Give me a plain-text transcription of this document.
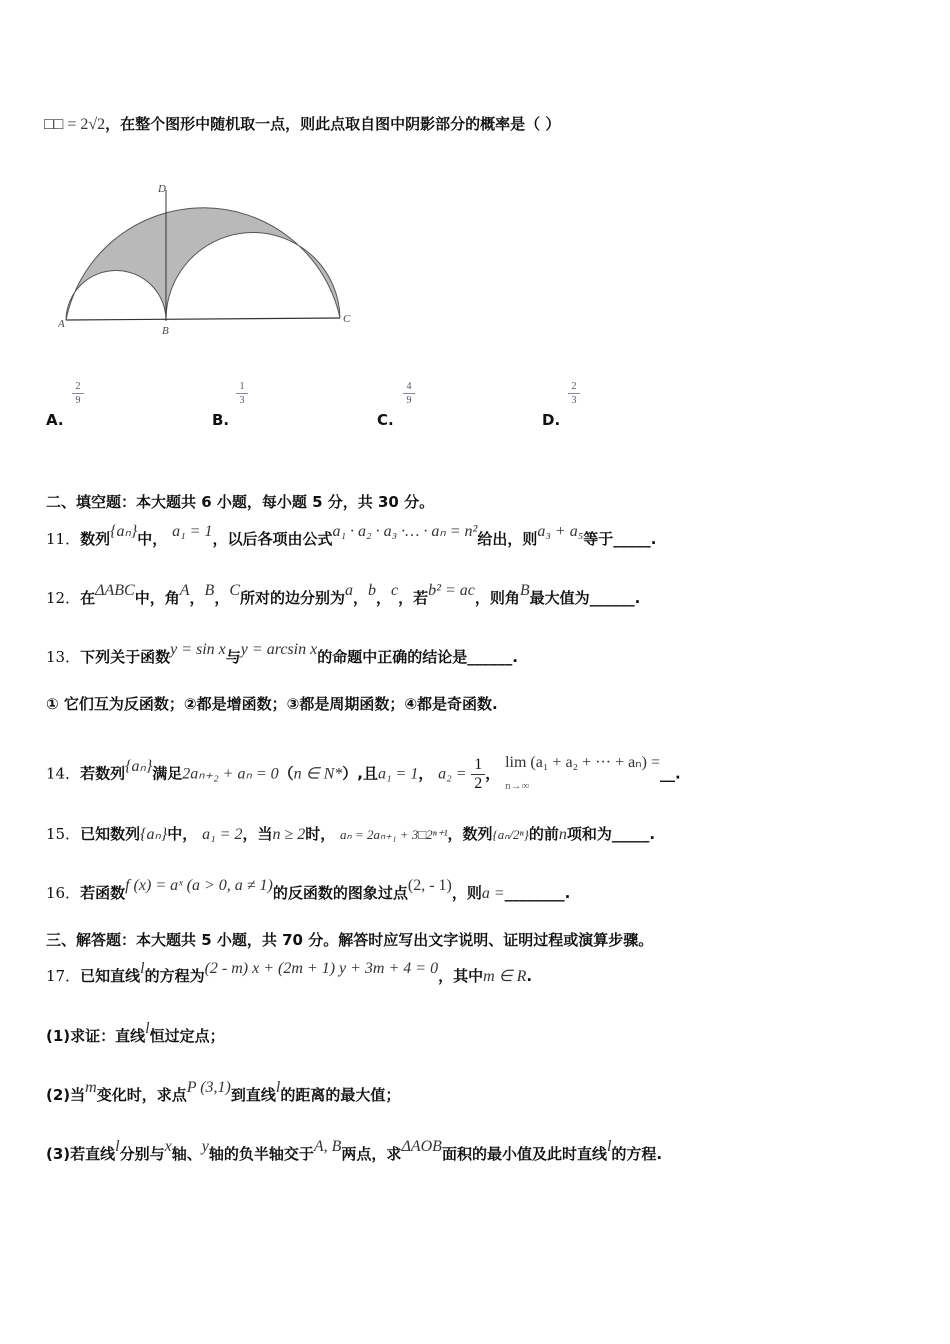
□□ = 2√2，在整个图形中随机取一点，则此点取自图中阴影部分的概率是（ ）
A
B
C
D
2
9
A.
1
3
B.
4
9
C.
2
3
D.
二、填空题：本大题共 6 小题，每小题 5 分，共 30 分。
11．数列{aₙ}中， a₁ = 1，以后各项由公式a₁ · a₂ · a₃ ·… · aₙ = n²给出，则a₃ + a₅等于_____.
12．在ΔABC中，角A，B，C所对的边分别为a，b，c，若b² = ac，则角B最大值为______.
13．下列关于函数y = sin x与y = arcsin x的命题中正确的结论是______.
① 它们互为反函数；②都是增函数；③都是周期函数；④都是奇函数.
14．若数列{aₙ}满足2aₙ₊₂ + aₙ = 0（n ∈ N*）,且a₁ = 1， $a_2 = \frac{1}{2}$， lim (a₁ + a₂ + ··· + aₙ) =
n→∞__.
15．已知数列{aₙ}中， a₁ = 2，当n ≥ 2时， aₙ = 2aₙ₊₁ + 3□2ⁿ⁺¹，数列{aₙ/2ⁿ}的前n项和为_____.
16．若函数f (x) = aˣ (a > 0, a ≠ 1)的反函数的图象过点(2, - 1)，则a =________.
三、解答题：本大题共 5 小题，共 70 分。解答时应写出文字说明、证明过程或演算步骤。
17．已知直线l的方程为(2 - m) x + (2m + 1) y + 3m + 4 = 0，其中m ∈ R.
(1)求证：直线l恒过定点；
(2)当m变化时，求点P (3,1)到直线l的距离的最大值；
(3)若直线l分别与x轴、y轴的负半轴交于A, B两点，求ΔAOB面积的最小值及此时直线l的方程.
